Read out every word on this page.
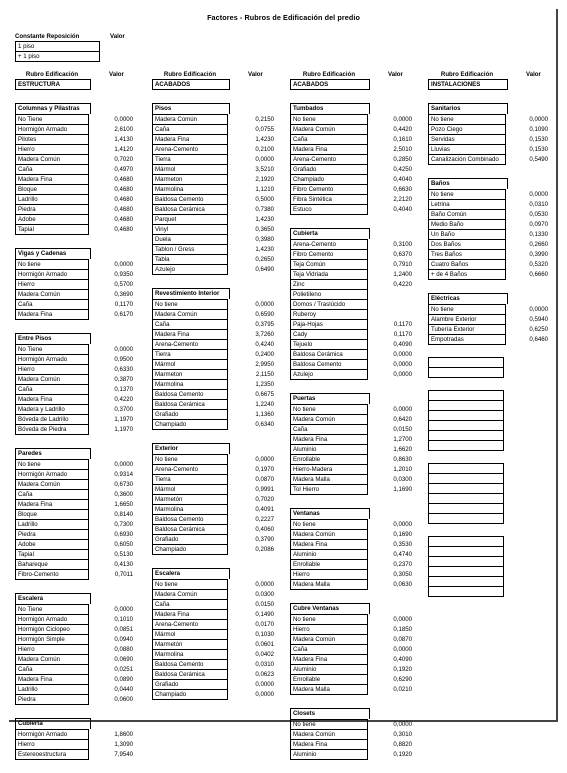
Factores - Rubros de Edificación del predio
Constante Reposición	Valor
1 piso
+ 1 piso
Rubro Edificación	Valor
ESTRUCTURA
Columnas y Pilastras
No Tiene	0,0000
Hormigón Armado	2,6100
Pilotes	1,4130
Hierro	1,4120
Madera Común	0,7020
Caña	0,4970
Madera Fina	0,4680
Bloque	0,4680
Ladrillo	0,4680
Piedra	0,4680
Adobe	0,4680
Tapial	0,4680
Vigas y Cadenas
No tiene	0,0000
Hormigón Armado	0,9350
Hierro	0,5700
Madera Común	0,3690
Caña	0,1170
Madera Fina	0,6170
Entre Pisos
No Tiene	0,0000
Hormigón Armado	0,9500
Hierro	0,6330
Madera Común	0,3870
Caña	0,1370
Madera Fina	0,4220
Madera y Ladrillo	0,3700
Bóveda de Ladrillo	1,1970
Bóveda de Piedra	1,1970
Paredes
No tiene	0,0000
Hormigón Armado	0,9314
Madera Común	0,6730
Caña	0,3600
Madera Fina	1,6650
Bloque	0,8140
Ladrillo	0,7300
Piedra	0,6930
Adobe	0,6050
Tapial	0,5130
Bahareque	0,4130
Fibro-Cemento	0,7011
Escalera
No Tiene	0,0000
Hormigón Armado	0,1010
Hormigón Ciclopeo	0,0851
Hormigón Simple	0,0940
Hierro	0,0880
Madera Común	0,0690
Caña	0,0251
Madera Fina	0,0890
Ladrillo	0,0440
Piedra	0,0600
Cubierta
Hormigón Armado	1,8600
Hierro	1,3090
Estereoestructura	7,9540
Rubro Edificación	Valor
ACABADOS
Pisos
Madera Común	0,2150
Caña	0,0755
Madera Fina	1,4230
Arena-Cemento	0,2100
Tierra	0,0000
Mármol	3,5210
Marmeton	2,1920
Marmolina	1,1210
Baldosa Cemento	0,5000
Baldosa Cerámica	0,7380
Parquet	1,4230
Vinyl	0,3650
Duela	0,3980
Tablon / Gress	1,4230
Tabla	0,2650
Azulejo	0,6490
Revestimiento Interior
No tiene	0,0000
Madera Común	0,6590
Caña	0,3795
Madera Fina	3,7260
Arena-Cemento	0,4240
Tierra	0,2400
Mármol	2,9950
Marmeton	2,1150
Marmolina	1,2350
Baldosa Cemento	0,6675
Baldosa Cerámica	1,2240
Grafiado	1,1360
Champiado	0,6340
Exterior
No tiene	0,0000
Arena-Cemento	0,1970
Tierra	0,0870
Mármol	0,9991
Marmetón	0,7020
Marmolina	0,4091
Baldosa Cemento	0,2227
Baldosa Cerámica	0,4060
Grafiado	0,3790
Champiado	0,2086
Escalera
No tiene	0,0000
Madera Común	0,0300
Caña	0,0150
Madera Fina	0,1490
Arena-Cemento	0,0170
Mármol	0,1030
Marmetón	0,0601
Marmolina	0,0402
Baldosa Cemento	0,0310
Baldosa Cerámica	0,0623
Grafiado	0,0000
Champiado	0,0000
Rubro Edificación	Valor
ACABADOS
Tumbados
No tiene	0,0000
Madera Común	0,4420
Caña	0,1610
Madera Fina	2,5010
Arena-Cemento	0,2850
Grafiado	0,4250
Champiado	0,4040
Fibro Cemento	0,6630
Fibra Sintética	2,2120
Estuco	0,4040
Cubierta
Arena-Cemento	0,3100
Fibro Cemento	0,6370
Teja Común	0,7910
Teja Vidriada	1,2400
Zinc	0,4220
Polietileno	
Domos / Traslúcido	
Ruberoy	
Paja-Hojas	0,1170
Cady	0,1170
Tejuelo	0,4090
Baldosa Cerámica	0,0000
Baldosa Cemento	0,0000
Azulejo	0,0000
Puertas
No tiene	0,0000
Madera Común	0,6420
Caña	0,0150
Madera Fina	1,2700
Aluminio	1,6620
Enrollable	0,8630
Hierro-Madera	1,2010
Madera Malla	0,0300
Tol Hierro	1,1690
Ventanas
No tiene	0,0000
Madera Común	0,1690
Madera Fina	0,3530
Aluminio	0,4740
Enrollable	0,2370
Hierro	0,3050
Madera Malla	0,0630
Cubre Ventanas
No tiene	0,0000
Hierro	0,1850
Madera Común	0,0870
Caña	0,0000
Madera Fina	0,4090
Aluminio	0,1920
Enrollable	0,6290
Madera Malla	0,0210
Closets
No tiene	0,0000
Madera Común	0,3010
Madera Fina	0,8820
Aluminio	0,1920
Rubro Edificación	Valor
INSTALACIONES
Sanitarios
No tiene	0,0000
Pozo Ciego	0,1090
Servidas	0,1530
Lluvias	0,1530
Canalización Combinado	0,5490
Baños
No tiene	0,0000
Letrina	0,0310
Baño Común	0,0530
Medio Baño	0,0970
Un Baño	0,1330
Dos Baños	0,2660
Tres Baños	0,3990
Cuatro Baños	0,5320
+ de 4 Baños	0,6660
Eléctricas
No tiene	0,0000
Alambre Exterior	0,5940
Tubería Exterior	0,6250
Empotradas	0,6460
